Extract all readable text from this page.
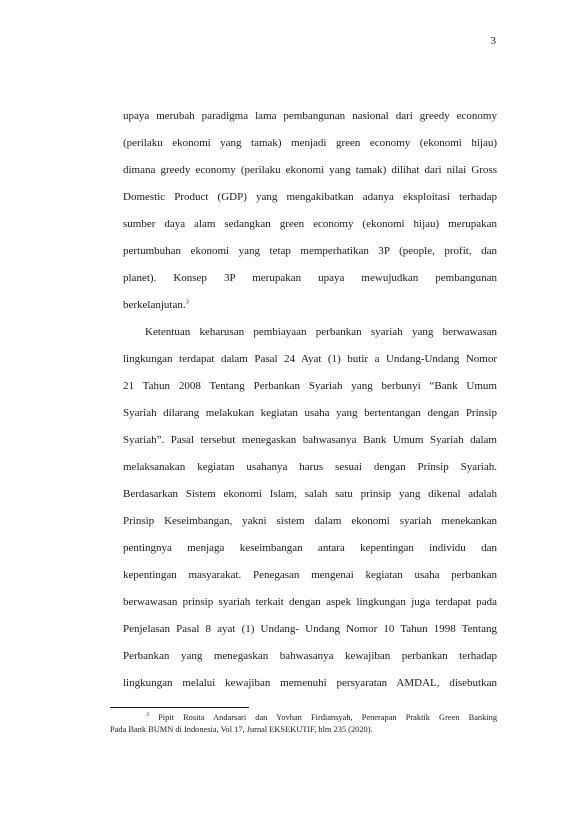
3
upaya merubah paradigma lama pembangunan nasional dari greedy economy
(perilaku ekonomi yang tamak) menjadi green economy (ekonomi hijau)
dimana greedy economy (perilaku ekonomi yang tamak) dilihat dari nilai Gross
Domestic Product (GDP) yang mengakibatkan adanya eksploitasi terhadap
sumber daya alam sedangkan green economy (ekonomi hijau) merupakan
pertumbuhan ekonomi yang tetap memperhatikan 3P (people, profit, dan
planet). Konsep 3P merupakan upaya mewujudkan pembangunan
berkelanjutan.$^3$
Ketentuan keharusan pembiayaan perbankan syariah yang berwawasan
lingkungan terdapat dalam Pasal 24 Ayat (1) butir a Undang-Undang Nomor
21 Tahun 2008 Tentang Perbankan Syariah yang berbunyi “Bank Umum
Syariah dilarang melakukan kegiatan usaha yang bertentangan dengan Prinsip
Syariah”. Pasal tersebut menegaskan bahwasanya Bank Umum Syariah dalam
melaksanakan kegiatan usahanya harus sesuai dengan Prinsip Syariah.
Berdasarkan Sistem ekonomi Islam, salah satu prinsip yang dikenal adalah
Prinsip Keseimbangan, yakni sistem dalam ekonomi syariah menekankan
pentingnya menjaga keseimbangan antara kepentingan individu dan
kepentingan masyarakat. Penegasan mengenai kegiatan usaha perbankan
berwawasan prinsip syariah terkait dengan aspek lingkungan juga terdapat pada
Penjelasan Pasal 8 ayat (1) Undang- Undang Nomor 10 Tahun 1998 Tentang
Perbankan yang menegaskan bahwasanya kewajiban perbankan terhadap
lingkungan melalui kewajiban memenuhi persyaratan AMDAL, disebutkan
$^3$ Pipit Rosita Andarsari dan Yovhan Firdiansyah, Penerapan Praktik Green Banking
Pada Bank BUMN di Indonesia, Vol 17, Jurnal EKSEKUTIF, hlm 235 (2020).
